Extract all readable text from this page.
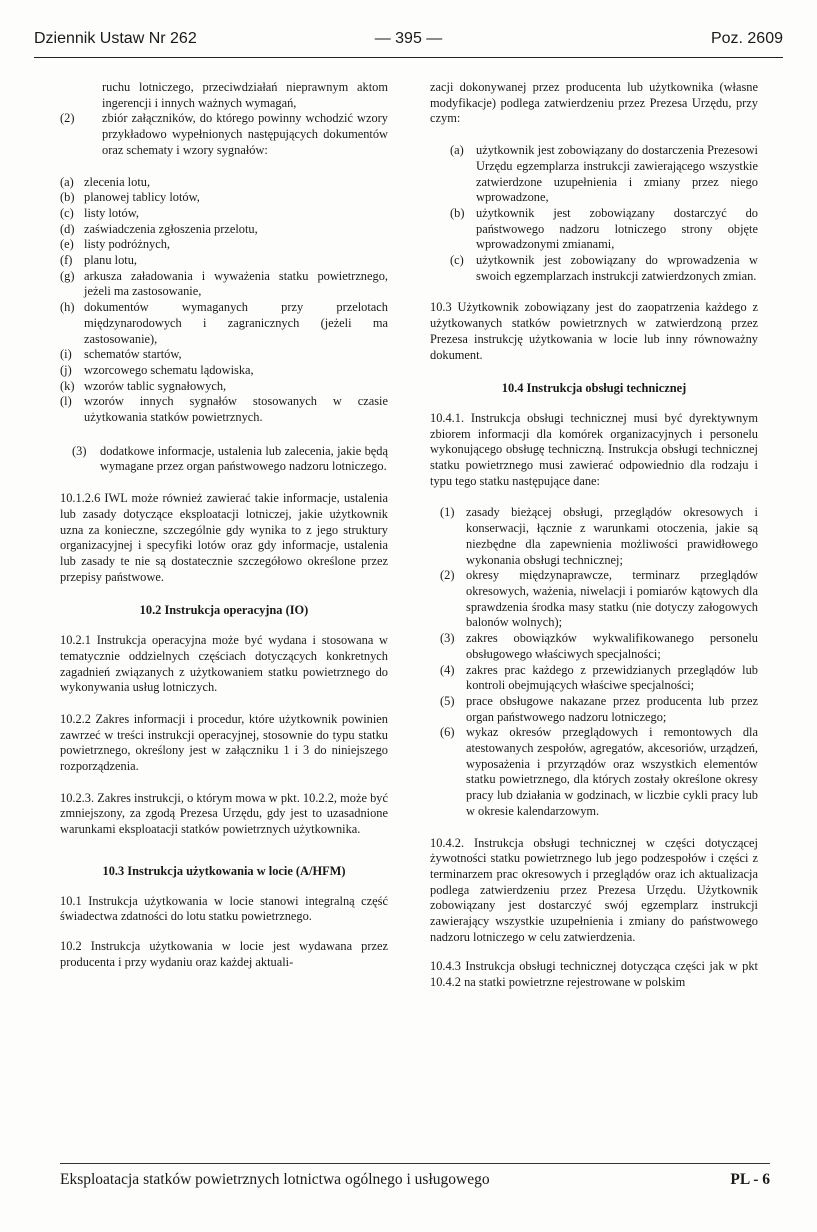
Dziennik Ustaw Nr 262	— 395 —	Poz. 2609
ruchu lotniczego, przeciwdziałań nieprawnym aktom ingerencji i innych ważnych wymagań,
(2)	zbiór załączników, do którego powinny wchodzić wzory przykładowo wypełnionych następujących dokumentów oraz schematy i wzory sygnałów:
(a) zlecenia lotu,
(b) planowej tablicy lotów,
(c) listy lotów,
(d) zaświadczenia zgłoszenia przelotu,
(e) listy podróżnych,
(f) planu lotu,
(g) arkusza załadowania i wyważenia statku powietrznego, jeżeli ma zastosowanie,
(h) dokumentów wymaganych przy przelotach międzynarodowych i zagranicznych (jeżeli ma zastosowanie),
(i) schematów startów,
(j) wzorcowego schematu lądowiska,
(k) wzorów tablic sygnałowych,
(l) wzorów innych sygnałów stosowanych w czasie użytkowania statków powietrznych.
(3)	dodatkowe informacje, ustalenia lub zalecenia, jakie będą wymagane przez organ państwowego nadzoru lotniczego.

10.1.2.6 IWL może również zawierać takie informacje, ustalenia lub zasady dotyczące eksploatacji lotniczej, jakie użytkownik uzna za konieczne, szczególnie gdy wynika to z jego struktury organizacyjnej i specyfiki lotów oraz gdy informacje, ustalenia lub zasady te nie są dostatecznie szczegółowo określone przez przepisy państwowe.

10.2 Instrukcja operacyjna (IO)

10.2.1 Instrukcja operacyjna może być wydana i stosowana w tematycznie oddzielnych częściach dotyczących konkretnych zagadnień związanych z użytkowaniem statku powietrznego do wykonywania usług lotniczych.

10.2.2 Zakres informacji i procedur, które użytkownik powinien zawrzeć w treści instrukcji operacyjnej, stosownie do typu statku powietrznego, określony jest w załączniku 1 i 3 do niniejszego rozporządzenia.

10.2.3. Zakres instrukcji, o którym mowa w pkt. 10.2.2, może być zmniejszony, za zgodą Prezesa Urzędu, gdy jest to uzasadnione warunkami eksploatacji statków powietrznych użytkownika.

10.3 Instrukcja użytkowania w locie (A/HFM)

10.1 Instrukcja użytkowania w locie stanowi integralną część świadectwa zdatności do lotu statku powietrznego.

10.2 Instrukcja użytkowania w locie jest wydawana przez producenta i przy wydaniu oraz każdej aktuali-

zacji dokonywanej przez producenta lub użytkownika (własne modyfikacje) podlega zatwierdzeniu przez Prezesa Urzędu, przy czym:

(a) użytkownik jest zobowiązany do dostarczenia Prezesowi Urzędu egzemplarza instrukcji zawierającego wszystkie zatwierdzone uzupełnienia i zmiany przez niego wprowadzone,
(b) użytkownik jest zobowiązany dostarczyć do państwowego nadzoru lotniczego strony objęte wprowadzonymi zmianami,
(c) użytkownik jest zobowiązany do wprowadzenia w swoich egzemplarzach instrukcji zatwierdzonych zmian.

10.3 Użytkownik zobowiązany jest do zaopatrzenia każdego z użytkowanych statków powietrznych w zatwierdzoną przez Prezesa instrukcję użytkowania w locie lub inny równoważny dokument.

10.4 Instrukcja obsługi technicznej

10.4.1. Instrukcja obsługi technicznej musi być dyrektywnym zbiorem informacji dla komórek organizacyjnych i personelu wykonującego obsługę techniczną. Instrukcja obsługi technicznej statku powietrznego musi zawierać odpowiednio dla rodzaju i typu tego statku następujące dane:

(1) zasady bieżącej obsługi, przeglądów okresowych i konserwacji, łącznie z warunkami otoczenia, jakie są niezbędne dla zapewnienia możliwości prawidłowego wykonania obsługi technicznej;
(2) okresy międzynaprawcze, terminarz przeglądów okresowych, ważenia, niwelacji i pomiarów kątowych dla sprawdzenia środka masy statku (nie dotyczy załogowych balonów wolnych);
(3) zakres obowiązków wykwalifikowanego personelu obsługowego właściwych specjalności;
(4) zakres prac każdego z przewidzianych przeglądów lub kontroli obejmujących właściwe specjalności;
(5) prace obsługowe nakazane przez producenta lub przez organ państwowego nadzoru lotniczego;
(6) wykaz okresów przeglądowych i remontowych dla atestowanych zespołów, agregatów, akcesoriów, urządzeń, wyposażenia i przyrządów oraz wszystkich elementów statku powietrznego, dla których zostały określone okresy pracy lub działania w godzinach, w liczbie cykli pracy lub w okresie kalendarzowym.

10.4.2. Instrukcja obsługi technicznej w części dotyczącej żywotności statku powietrznego lub jego podzespołów i części z terminarzem prac okresowych i przeglądów oraz ich aktualizacja podlega zatwierdzeniu przez Prezesa Urzędu. Użytkownik zobowiązany jest dostarczyć swój egzemplarz instrukcji zawierający wszystkie uzupełnienia i zmiany do państwowego nadzoru lotniczego w celu zatwierdzenia.

10.4.3 Instrukcja obsługi technicznej dotycząca części jak w pkt 10.4.2 na statki powietrzne rejestrowane w polskim

Eksploatacja statków powietrznych lotnictwa ogólnego i usługowego	PL - 6
